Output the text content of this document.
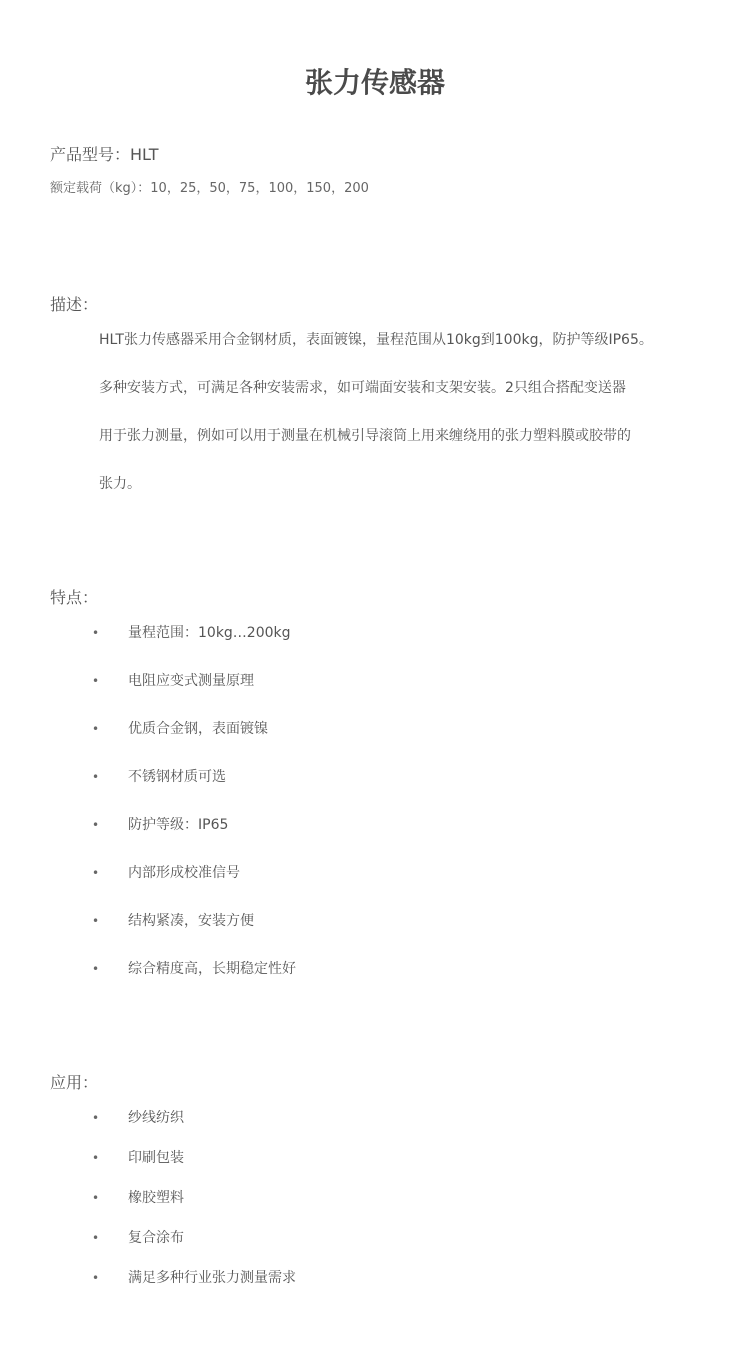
张力传感器
产品型号：HLT
额定载荷（kg）：10，25，50，75，100，150，200
描述：
HLT张力传感器采用合金钢材质，表面镀镍，量程范围从10kg到100kg，防护等级IP65。
多种安装方式，可满足各种安装需求，如可端面安装和支架安装。2只组合搭配变送器
用于张力测量，例如可以用于测量在机械引导滚筒上用来缠绕用的张力塑料膜或胶带的
张力。
特点：
• 量程范围：10kg…200kg
• 电阻应变式测量原理
• 优质合金钢，表面镀镍
• 不锈钢材质可选
• 防护等级：IP65
• 内部形成校准信号
• 结构紧凑，安装方便
• 综合精度高，长期稳定性好
应用：
• 纱线纺织
• 印刷包装
• 橡胶塑料
• 复合涂布
• 满足多种行业张力测量需求
